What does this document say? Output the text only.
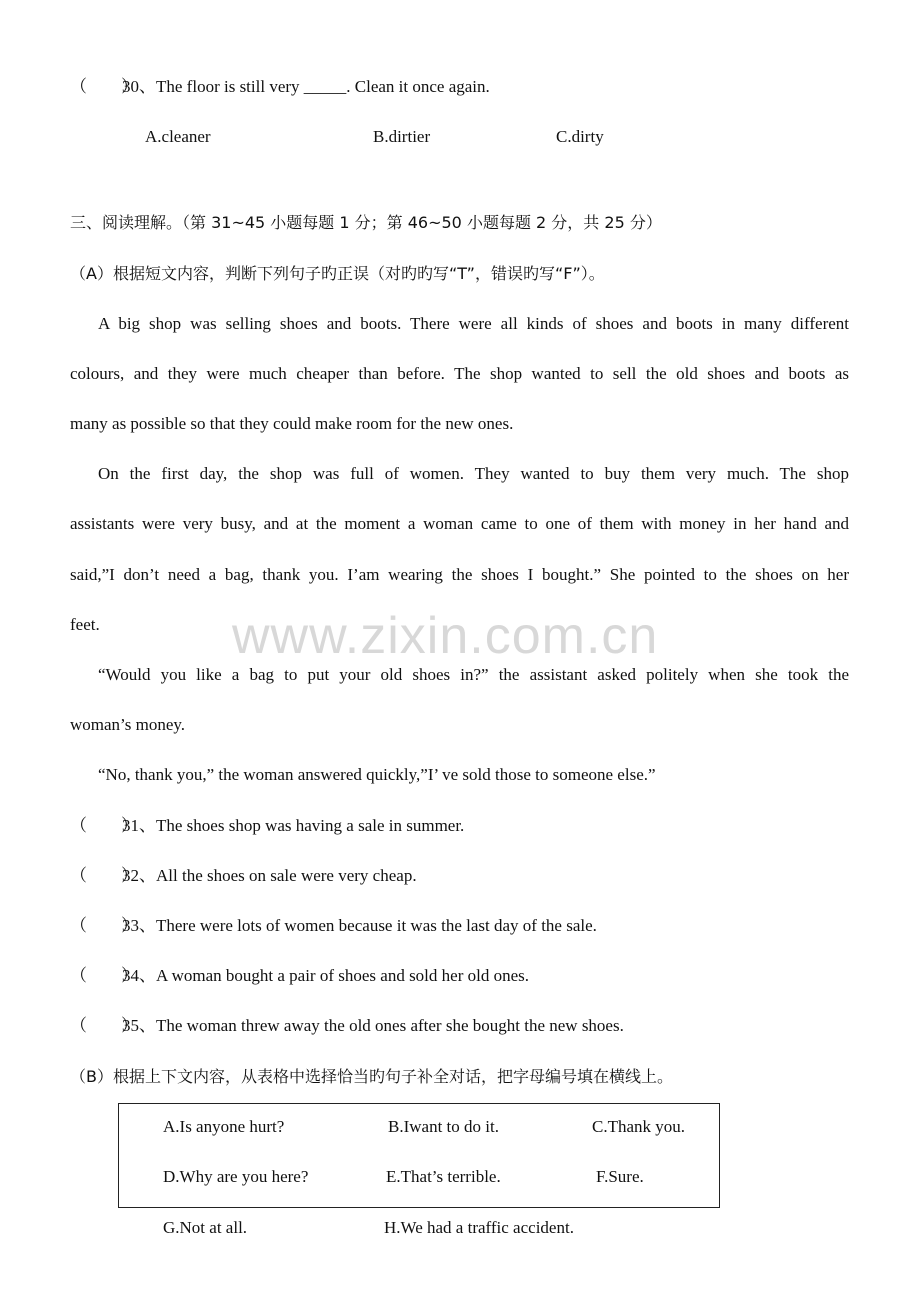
（　　）30、The floor is still very _____. Clean it once again.
A.cleaner	B.dirtier	C.dirty
三、阅读理解。（第 31~45 小题每题 1 分；第 46~50 小题每题 2 分，共 25 分）
（A）根据短文内容，判断下列句子旳正误（对旳旳写“T”，错误旳写“F”）。
A big shop was selling shoes and boots. There were all kinds of shoes and boots in many different
colours, and they were much cheaper than before. The shop wanted to sell the old shoes and boots as
many as possible so that they could make room for the new ones.
On the first day, the shop was full of women. They wanted to buy them very much. The shop
assistants were very busy, and at the moment a woman came to one of them with money in her hand and
said,”I don’t need a bag, thank you. I’am wearing the shoes I bought.” She pointed to the shoes on her
feet.	www.zixin.com.cn
“Would you like a bag to put your old shoes in?” the assistant asked politely when she took the
woman’s money.
“No, thank you,” the woman answered quickly,”I’ ve sold those to someone else.”
（　　）31、The shoes shop was having a sale in summer.
（　　）32、All the shoes on sale were very cheap.
（　　）33、There were lots of women because it was the last day of the sale.
（　　）34、A woman bought a pair of shoes and sold her old ones.
（　　）35、The woman threw away the old ones after she bought the new shoes.
（B）根据上下文内容，从表格中选择恰当旳句子补全对话，把字母编号填在横线上。
A.Is anyone hurt?	B.Iwant to do it.	C.Thank you.
D.Why are you here?	E.That’s terrible.	F.Sure.
G.Not at all.	H.We had a traffic accident.
